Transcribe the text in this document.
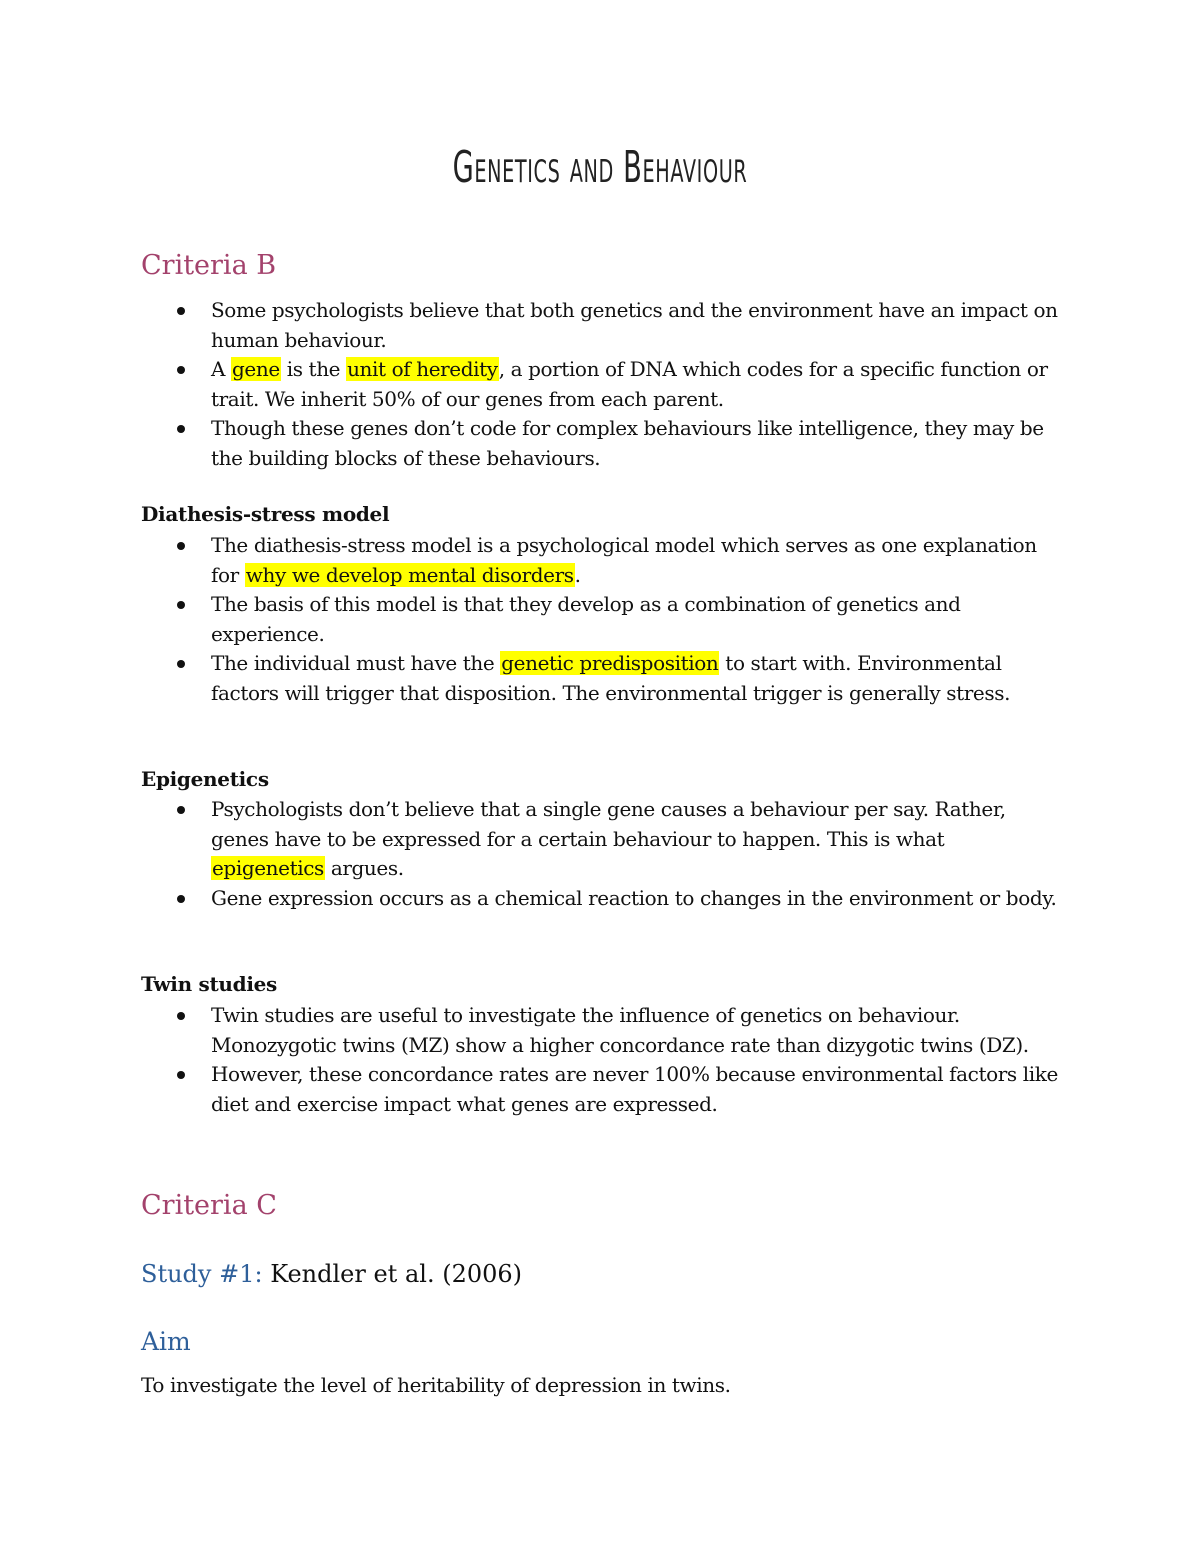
Genetics and Behaviour
Criteria B
Some psychologists believe that both genetics and the environment have an impact on human behaviour.
A gene is the unit of heredity, a portion of DNA which codes for a specific function or trait. We inherit 50% of our genes from each parent.
Though these genes don’t code for complex behaviours like intelligence, they may be the building blocks of these behaviours.
Diathesis-stress model
The diathesis-stress model is a psychological model which serves as one explanation for why we develop mental disorders.
The basis of this model is that they develop as a combination of genetics and experience.
The individual must have the genetic predisposition to start with. Environmental factors will trigger that disposition. The environmental trigger is generally stress.
Epigenetics
Psychologists don’t believe that a single gene causes a behaviour per say. Rather, genes have to be expressed for a certain behaviour to happen. This is what epigenetics argues.
Gene expression occurs as a chemical reaction to changes in the environment or body.
Twin studies
Twin studies are useful to investigate the influence of genetics on behaviour. Monozygotic twins (MZ) show a higher concordance rate than dizygotic twins (DZ).
However, these concordance rates are never 100% because environmental factors like diet and exercise impact what genes are expressed.
Criteria C

Study #1: Kendler et al. (2006)

Aim

To investigate the level of heritability of depression in twins.
